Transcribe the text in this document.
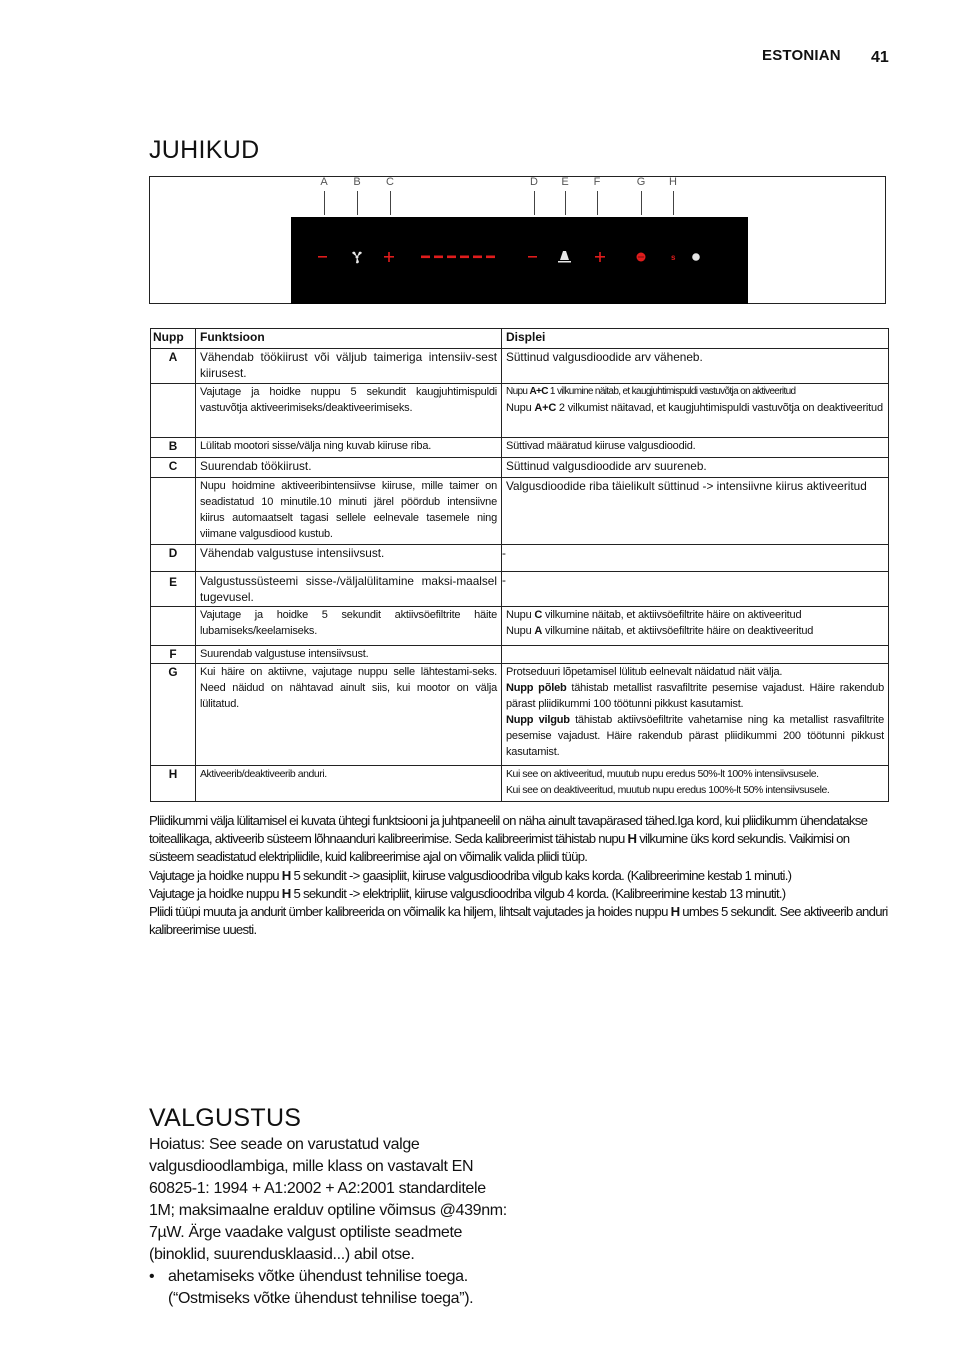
ESTONIAN 41
JUHIKUD
A	B	C	D	E	F	G H
s
Nupp	Funktsioon	Displei
A	Vähendab töökiirust või väljub taimeriga intensiiv-sest kiirusest.	Süttinud valgusdioodide arv väheneb.
	Vajutage ja hoidke nuppu 5 sekundit kaugjuhtimispuldi vastuvõtja aktiveerimiseks/deaktiveerimiseks.	Nupu A+C 1 vilkumine näitab, et kaugjuhtimispuldi vastuvõtja on aktiveeritud
Nupu A+C 2 vilkumist näitavad, et kaugjuhtimispuldi vastuvõtja on deaktiveeritud

B	Lülitab mootori sisse/välja ning kuvab kiiruse riba.	Süttivad määratud kiiruse valgusdioodid.
C	Suurendab töökiirust.	Süttinud valgusdioodide arv suureneb.
	Nupu hoidmine aktiveeribintensiivse kiiruse, mille taimer on seadistatud 10 minutile.10 minuti järel pöördub intensiivne kiirus automaatselt tagasi sellele eelnevale tasemele ning viimane valgusdiood kustub.	Valgusdioodide riba täielikult süttinud -> intensiivne kiirus aktiveeritud
D	Vähendab valgustuse intensiivsust.	-
E	Valgustussüsteemi sisse-/väljalülitamine maksi-maalsel tugevusel.	-
	Vajutage ja hoidke 5 sekundit aktiivsöefiltrite häite lubamiseks/keelamiseks.	Nupu C vilkumine näitab, et aktiivsöefiltrite häire on aktiveeritud
Nupu A vilkumine näitab, et aktiivsöefiltrite häire on deaktiveeritud

F	Suurendab valgustuse intensiivsust.	
G	Kui häire on aktiivne, vajutage nuppu selle lähtestami-seks. Need näidud on nähtavad ainult siis, kui mootor on välja lülitatud.	Protseduuri lõpetamisel lülitub eelnevalt näidatud näit välja.
Nupp põleb tähistab metallist rasvafiltrite pesemise vajadust. Häire rakendub pärast pliidikummi 100 töötunni pikkust kasutamist.
Nupp vilgub tähistab aktiivsöefiltrite vahetamise ning ka metallist rasvafiltrite pesemise vajadust. Häire rakendub pärast pliidikummi 200 töötunni pikkust kasutamist.

H	Aktiveerib/deaktiveerib anduri.	Kui see on aktiveeritud, muutub nupu eredus 50%-lt 100% intensiivsusele.
Kui see on deaktiveeritud, muutub nupu eredus 100%-lt 50% intensiivsusele.

Pliidikummi välja lülitamisel ei kuvata ühtegi funktsiooni ja juhtpaneelil on näha ainult tavapärased tähed.Iga kord, kui pliidikumm ühendatakse toiteallikaga, aktiveerib süsteem lõhnaanduri kalibreerimise. Seda kalibreerimist tähistab nupu H vilkumine üks kord sekundis. Vaikimisi on süsteem seadistatud elektripliidile, kuid kalibreerimise ajal on võimalik valida pliidi tüüp.

Vajutage ja hoidke nuppu H 5 sekundit -> gaasipliit, kiiruse valgusdioodriba vilgub kaks korda. (Kalibreerimine kestab 1 minuti.)

Vajutage ja hoidke nuppu H 5 sekundit -> elektripliit, kiiruse valgusdioodriba vilgub 4 korda. (Kalibreerimine kestab 13 minutit.)

Pliidi tüüpi muuta ja andurit ümber kalibreerida on võimalik ka hiljem, lihtsalt vajutades ja hoides nuppu H umbes 5 sekundit. See aktiveerib anduri kalibreerimise uuesti.

VALGUSTUS

Hoiatus: See seade on varustatud valge valgusdioodlambiga, mille klass on vastavalt EN 60825-1: 1994 + A1:2002 + A2:2001 standarditele 1M; maksimaalne eralduv optiline võimsus @439nm: 7µW. Ärge vaadake valgust optiliste seadmete (binoklid, suurendusklaasid...) abil otse.

• ahetamiseks võtke ühendust tehnilise toega. (“Ostmiseks võtke ühendust tehnilise toega”).
